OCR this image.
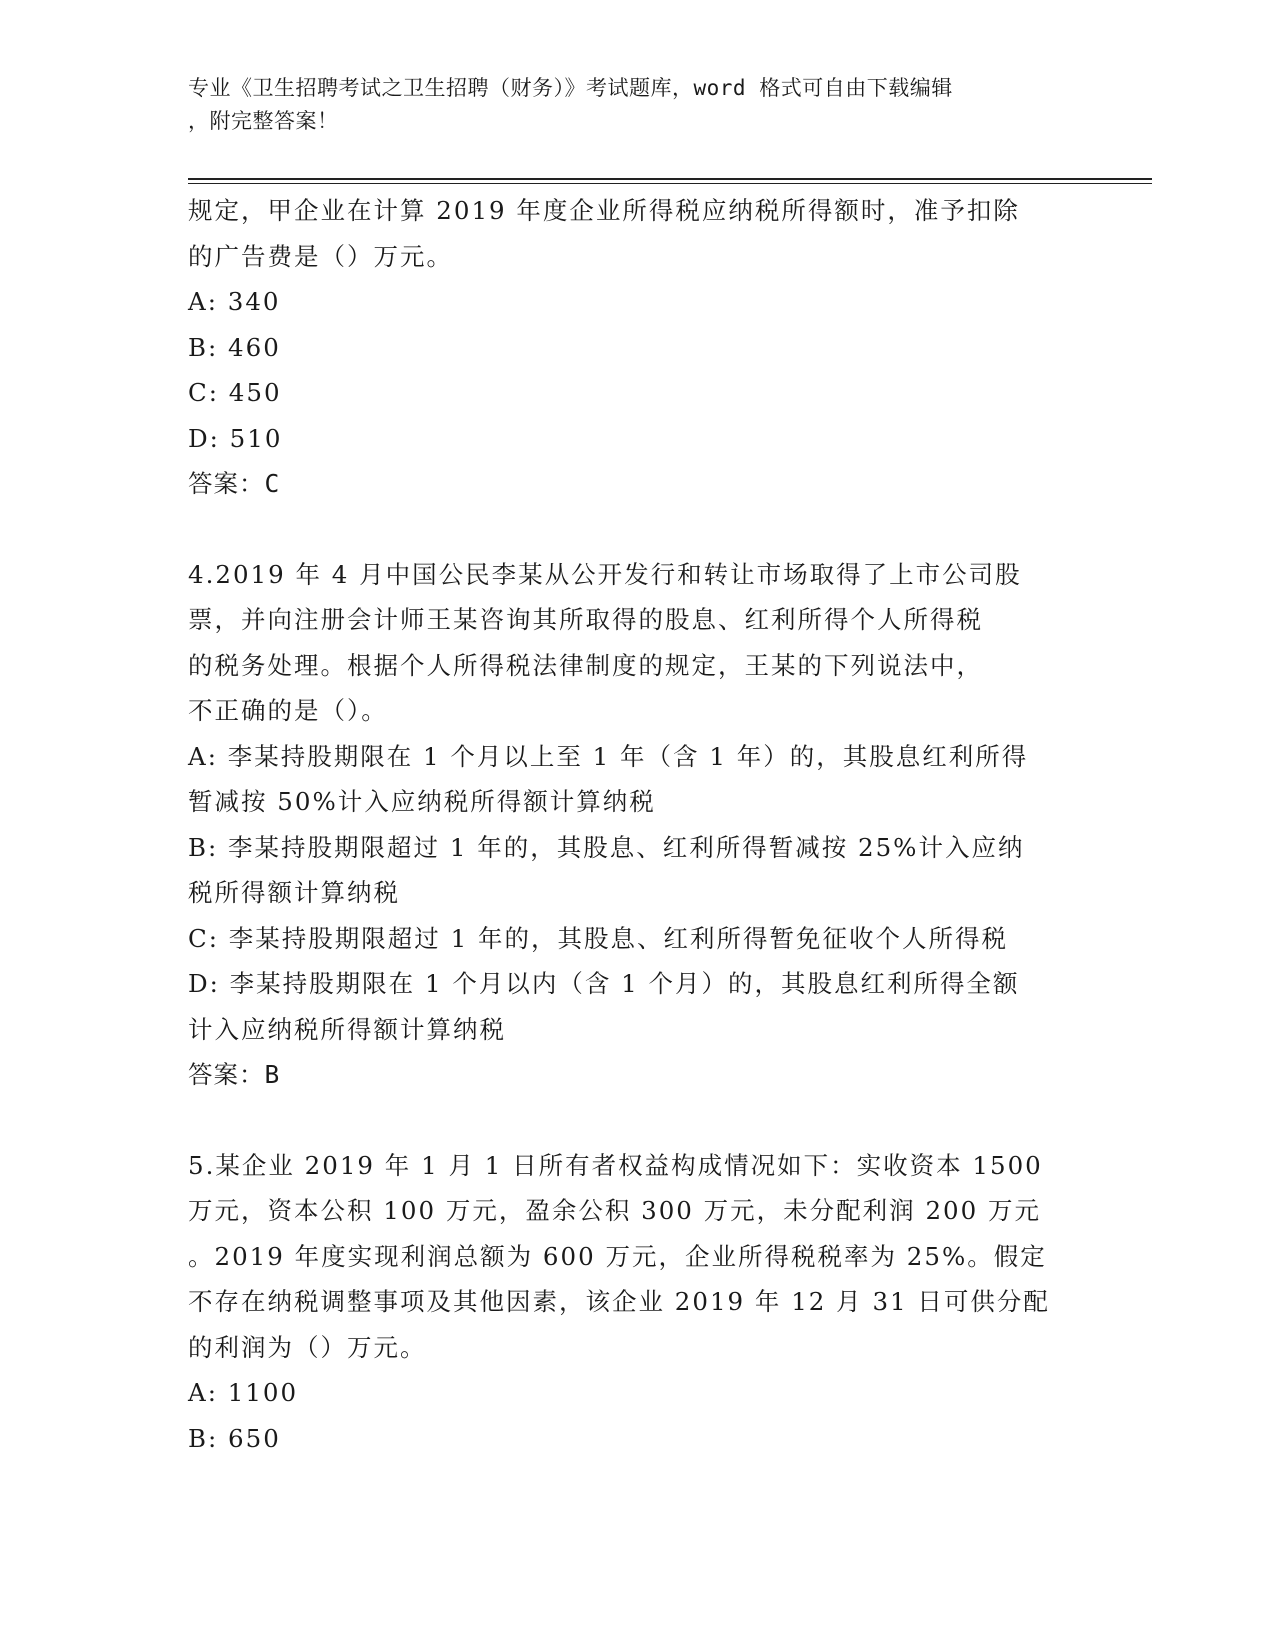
专业《卫生招聘考试之卫生招聘（财务）》考试题库，word 格式可自由下载编辑
，附完整答案！

规定，甲企业在计算 2019 年度企业所得税应纳税所得额时，准予扣除

的广告费是（）万元。

A: 340

B: 460

C: 450

D: 510

答案：C

4.2019 年 4 月中国公民李某从公开发行和转让市场取得了上市公司股

票，并向注册会计师王某咨询其所取得的股息、红利所得个人所得税

的税务处理。根据个人所得税法律制度的规定，王某的下列说法中，

不正确的是（）。

A: 李某持股期限在 1 个月以上至 1 年（含 1 年）的，其股息红利所得

暂减按 50%计入应纳税所得额计算纳税

B: 李某持股期限超过 1 年的，其股息、红利所得暂减按 25%计入应纳

税所得额计算纳税

C: 李某持股期限超过 1 年的，其股息、红利所得暂免征收个人所得税

D: 李某持股期限在 1 个月以内（含 1 个月）的，其股息红利所得全额

计入应纳税所得额计算纳税

答案：B

5.某企业 2019 年 1 月 1 日所有者权益构成情况如下：实收资本 1500

万元，资本公积 100 万元，盈余公积 300 万元，未分配利润 200 万元

。2019 年度实现利润总额为 600 万元，企业所得税税率为 25%。假定

不存在纳税调整事项及其他因素，该企业 2019 年 12 月 31 日可供分配

的利润为（）万元。

A: 1100

B: 650
